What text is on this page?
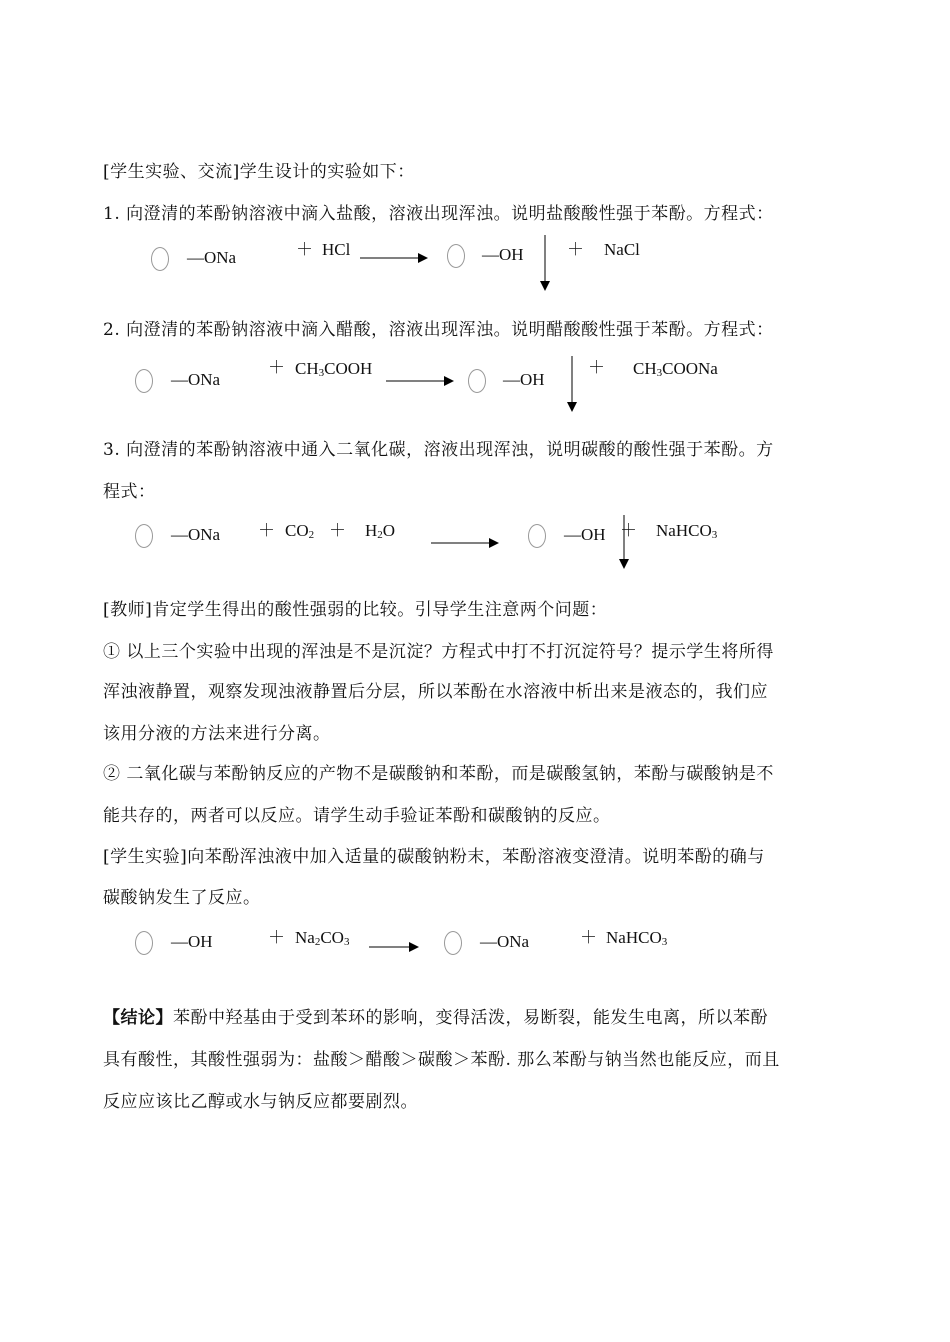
[学生实验、交流]学生设计的实验如下：
1. 向澄清的苯酚钠溶液中滴入盐酸，溶液出现浑浊。说明盐酸酸性强于苯酚。方程式：
—ONa	＋ HCl	—OH	＋ NaCl
2. 向澄清的苯酚钠溶液中滴入醋酸，溶液出现浑浊。说明醋酸酸性强于苯酚。方程式：
—ONa
＋ $CH_3COOH$
—OH
＋ $CH_3COONa$
3. 向澄清的苯酚钠溶液中通入二氧化碳，溶液出现浑浊，说明碳酸的酸性强于苯酚。方
程式：
—ONa ＋ $CO_2 + H_2O$	—OH ＋ NaHCO$_3$
[教师]肯定学生得出的酸性强弱的比较。引导学生注意两个问题：
① 以上三个实验中出现的浑浊是不是沉淀？方程式中打不打沉淀符号？提示学生将所得
浑浊液静置，观察发现浊液静置后分层，所以苯酚在水溶液中析出来是液态的，我们应
该用分液的方法来进行分离。
② 二氧化碳与苯酚钠反应的产物不是碳酸钠和苯酚，而是碳酸氢钠，苯酚与碳酸钠是不
能共存的，两者可以反应。请学生动手验证苯酚和碳酸钠的反应。
[学生实验]向苯酚浑浊液中加入适量的碳酸钠粉末，苯酚溶液变澄清。说明苯酚的确与
碳酸钠发生了反应。
—OH	＋ $Na_2CO_3$ →	—ONa	＋ NaHCO$_3$
【结论】苯酚中羟基由于受到苯环的影响，变得活泼，易断裂，能发生电离，所以苯酚
具有酸性，其酸性强弱为：盐酸＞醋酸＞碳酸＞苯酚. 那么苯酚与钠当然也能反应，而且
反应应该比乙醇或水与钠反应都要剧烈。
